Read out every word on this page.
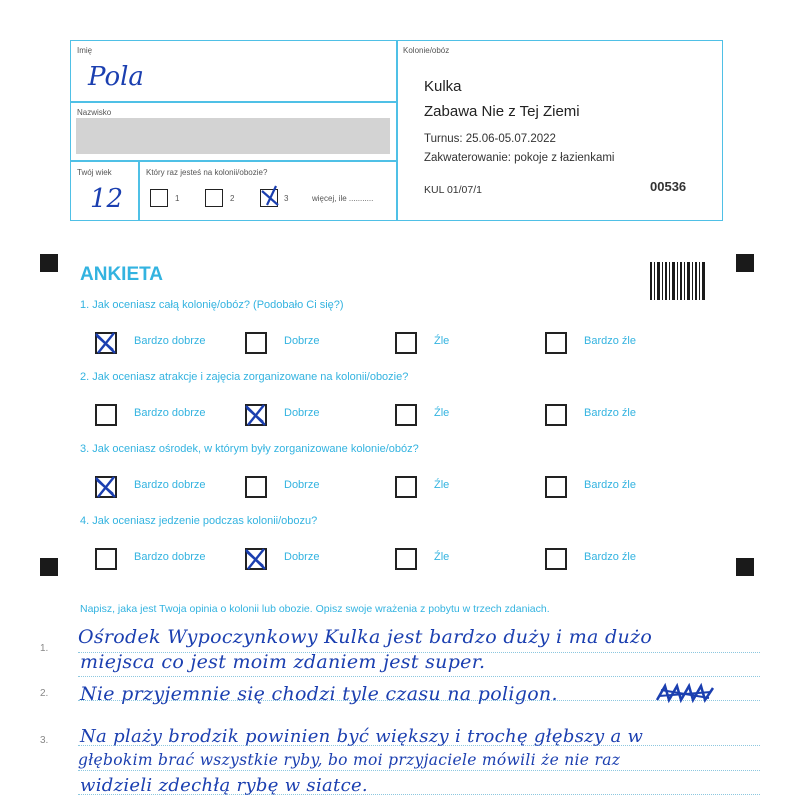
Imię
Pola
Nazwisko
Twój wiek
12
Który raz jesteś na kolonii/obozie?
1	2	3	więcej, ile ...........
Kolonie/obóz
Kulka
Zabawa Nie z Tej Ziemi
Turnus: 25.06-05.07.2022
Zakwaterowanie: pokoje z łazienkami
KUL 01/07/1	00536
ANKIETA
1. Jak oceniasz całą kolonię/obóz? (Podobało Ci się?)
2. Jak oceniasz atrakcje i zajęcia zorganizowane na kolonii/obozie?
3. Jak oceniasz ośrodek, w którym były zorganizowane kolonie/obóz?
4. Jak oceniasz jedzenie podczas kolonii/obozu?
Bardzo dobrze	Dobrze	Źle	Bardzo źle
Bardzo dobrze	Dobrze	Źle	Bardzo źle
Bardzo dobrze	Dobrze	Źle	Bardzo źle
Bardzo dobrze	Dobrze	Źle	Bardzo źle
Napisz, jaka jest Twoja opinia o kolonii lub obozie. Opisz swoje wrażenia z pobytu w trzech zdaniach.
1.
2.
3.
Ośrodek Wypoczynkowy Kulka jest bardzo duży i ma dużo
miejsca co jest moim zdaniem jest super.
Nie przyjemnie się chodzi tyle czasu na poligon.
Na plaży brodzik powinien być większy i trochę głębszy a w
głębokim brać wszystkie ryby, bo moi przyjaciele mówili że nie raz
widzieli zdechłą rybę w siatce.
